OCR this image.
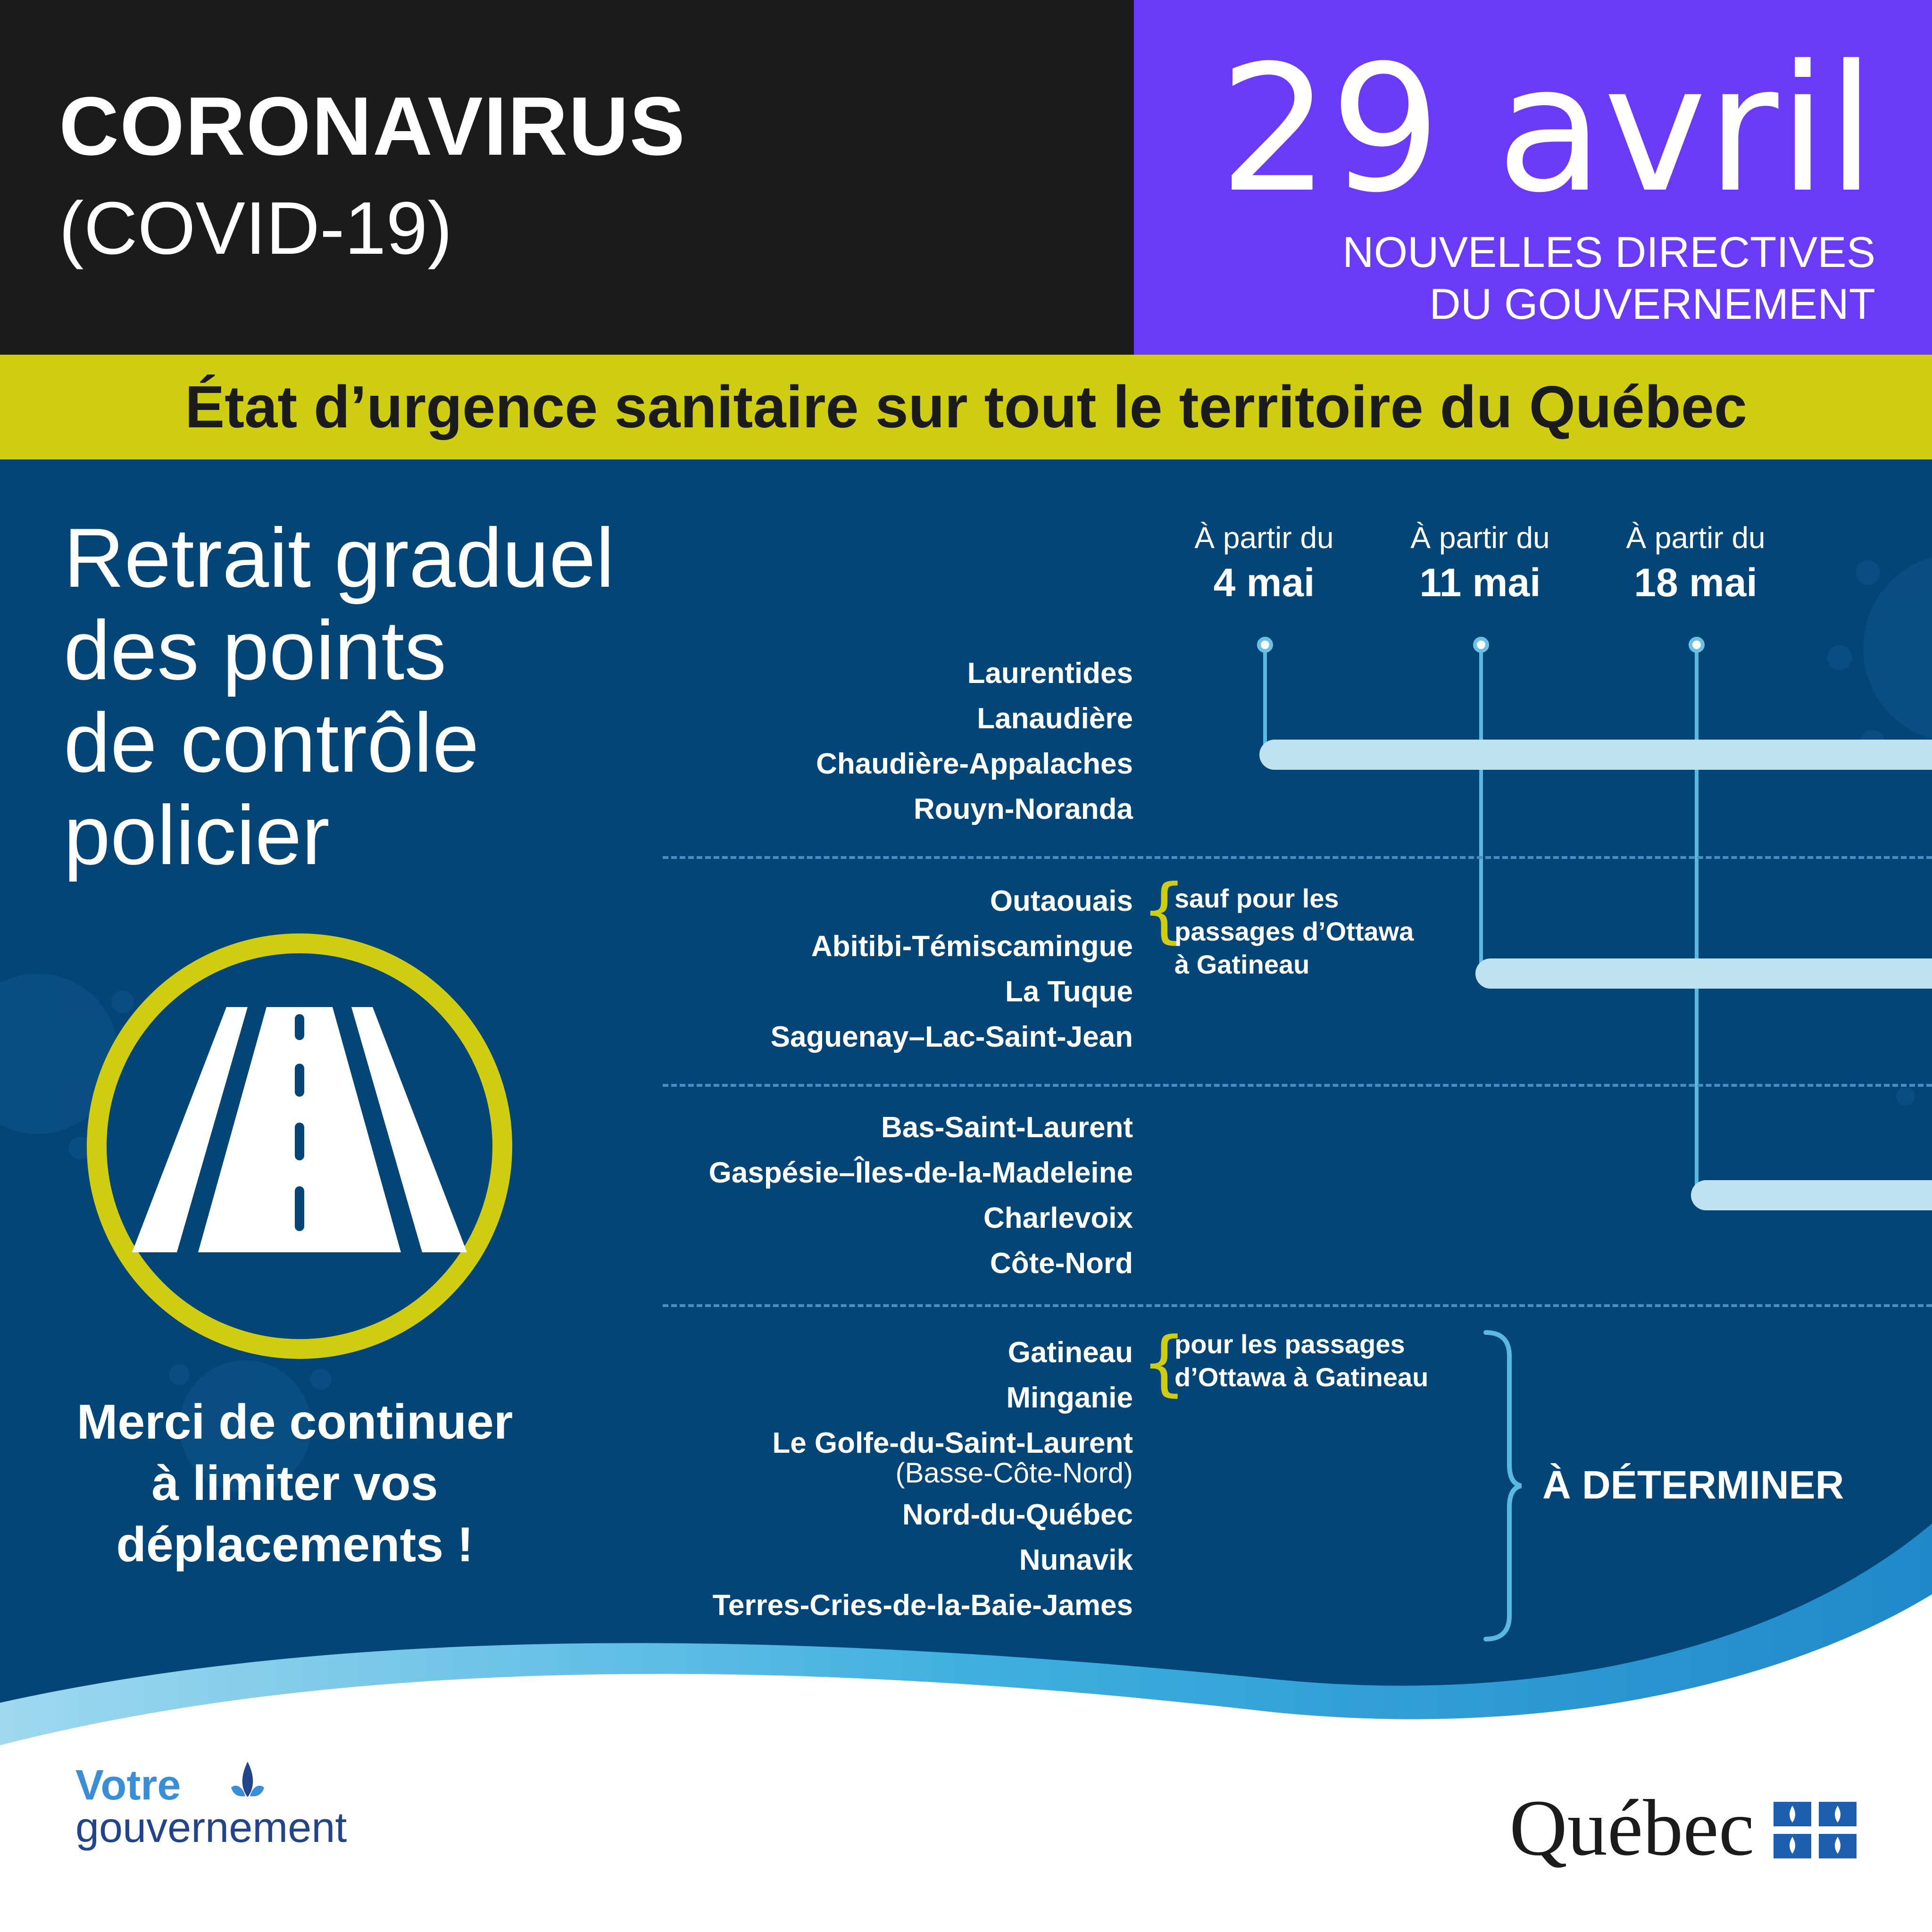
CORONAVIRUS
(COVID-19)	29 avril
NOUVELLES DIRECTIVES
DU GOUVERNEMENT
État d’urgence sanitaire sur tout le territoire du Québec
Retrait graduel
des points
de contrôle
policier
Merci de continuer
à limiter vos
déplacements !
À partir du
4 mai
À partir du
11 mai
À partir du
18 mai
Laurentides
Lanaudière
Chaudière-Appalaches
Rouyn-Noranda
Outaouais
Abitibi-Témiscamingue
La Tuque
Saguenay–Lac-Saint-Jean
{
sauf pour les
passages d’Ottawa
à Gatineau
Bas-Saint-Laurent
Gaspésie–Îles-de-la-Madeleine
Charlevoix
Côte-Nord
Gatineau
Minganie
Le Golfe-du-Saint-Laurent
(Basse-Côte-Nord)
Nord-du-Québec
Nunavik
Terres-Cries-de-la-Baie-James
{
pour les passages
d’Ottawa à Gatineau
À DÉTERMINER
Votre
gouvernement	Québec
